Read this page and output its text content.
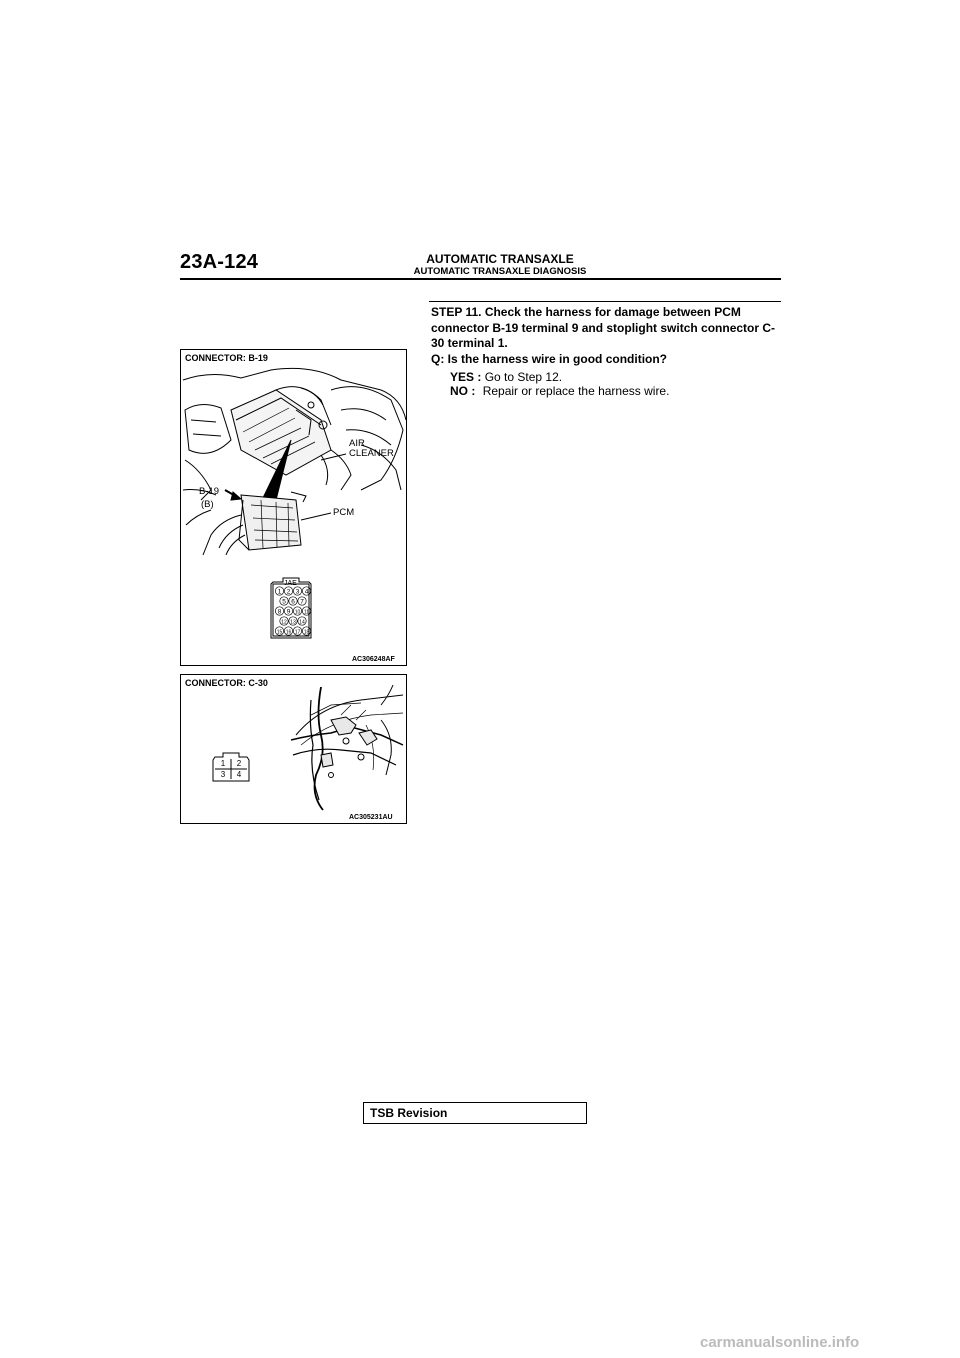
23A-124	AUTOMATIC TRANSAXLE
AUTOMATIC TRANSAXLE DIAGNOSIS
STEP 11. Check the harness for damage between PCM connector B-19 terminal 9 and stoplight switch connector C-30 terminal 1.
Q: Is the harness wire in good condition?
YES : Go to Step 12.
NO : Repair or replace the harness wire.
1 2 3 4
5 6 7
8 9 10 11
12 13 14
15 16 17 18
CONNECTOR: B-19
AIR
CLEANER
B-19
(B)
PCM
JAE
AC306248AF
1 2
3 4
CONNECTOR: C-30
AC305231AU
TSB Revision
carmanualsonline.info
